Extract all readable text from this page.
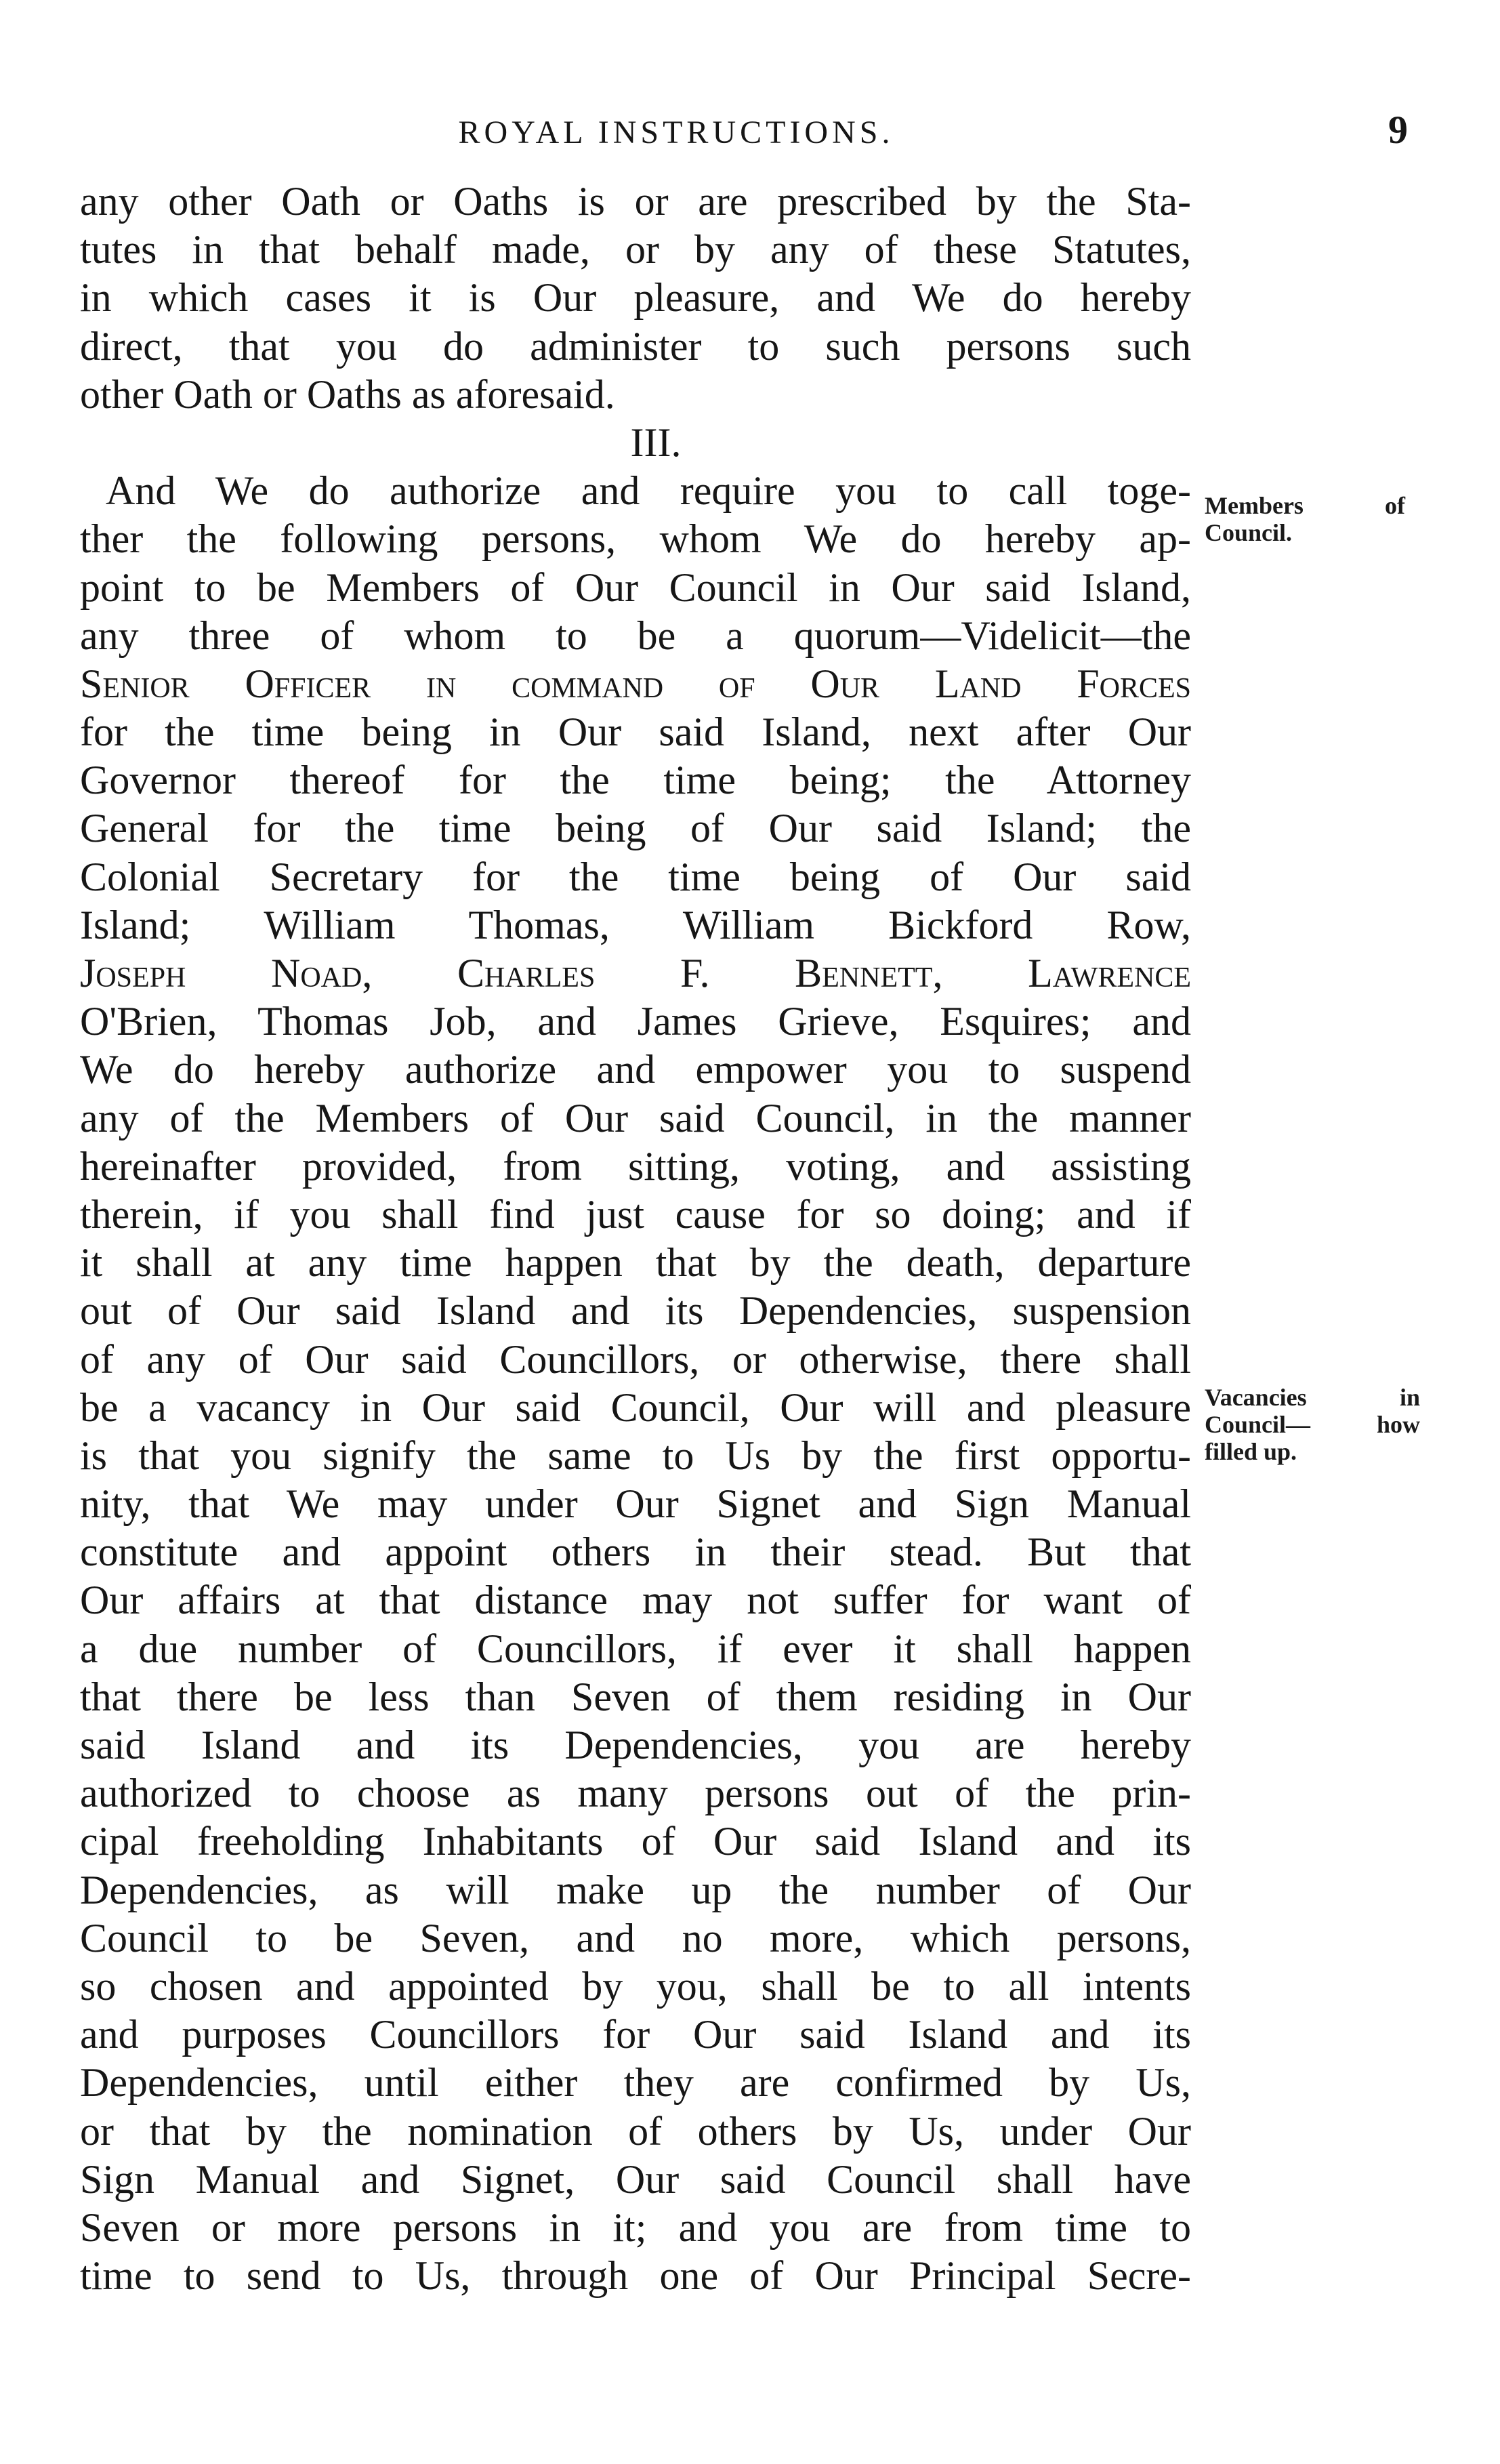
ROYAL INSTRUCTIONS.	9
any other Oath or Oaths is or are prescribed by the Sta-
tutes in that behalf made, or by any of these Statutes,
in which cases it is Our pleasure, and We do hereby
direct, that you do administer to such persons such
other Oath or Oaths as aforesaid.
III.
And We do authorize and require you to call toge-
ther the following persons, whom We do hereby ap-
point to be Members of Our Council in Our said Island,
any three of whom to be a quorum—Videlicit—the
Senior Officer in command of Our Land Forces
for the time being in Our said Island, next after Our
Governor thereof for the time being; the Attorney
General for the time being of Our said Island; the
Colonial Secretary for the time being of Our said
Island; William Thomas, William Bickford Row,
Joseph Noad, Charles F. Bennett, Lawrence
O'Brien, Thomas Job, and James Grieve, Esquires; and
We do hereby authorize and empower you to suspend
any of the Members of Our said Council, in the manner
hereinafter provided, from sitting, voting, and assisting
therein, if you shall find just cause for so doing; and if
it shall at any time happen that by the death, departure
out of Our said Island and its Dependencies, suspension
of any of Our said Councillors, or otherwise, there shall
be a vacancy in Our said Council, Our will and pleasure
is that you signify the same to Us by the first opportu-
nity, that We may under Our Signet and Sign Manual
constitute and appoint others in their stead. But that
Our affairs at that distance may not suffer for want of
a due number of Councillors, if ever it shall happen
that there be less than Seven of them residing in Our
said Island and its Dependencies, you are hereby
authorized to choose as many persons out of the prin-
cipal freeholding Inhabitants of Our said Island and its
Dependencies, as will make up the number of Our
Council to be Seven, and no more, which persons,
so chosen and appointed by you, shall be to all intents
and purposes Councillors for Our said Island and its
Dependencies, until either they are confirmed by Us,
or that by the nomination of others by Us, under Our
Sign Manual and Signet, Our said Council shall have
Seven or more persons in it; and you are from time to
time to send to Us, through one of Our Principal Secre-
Members of
Council.
Vacancies in
Council— how
filled up.
